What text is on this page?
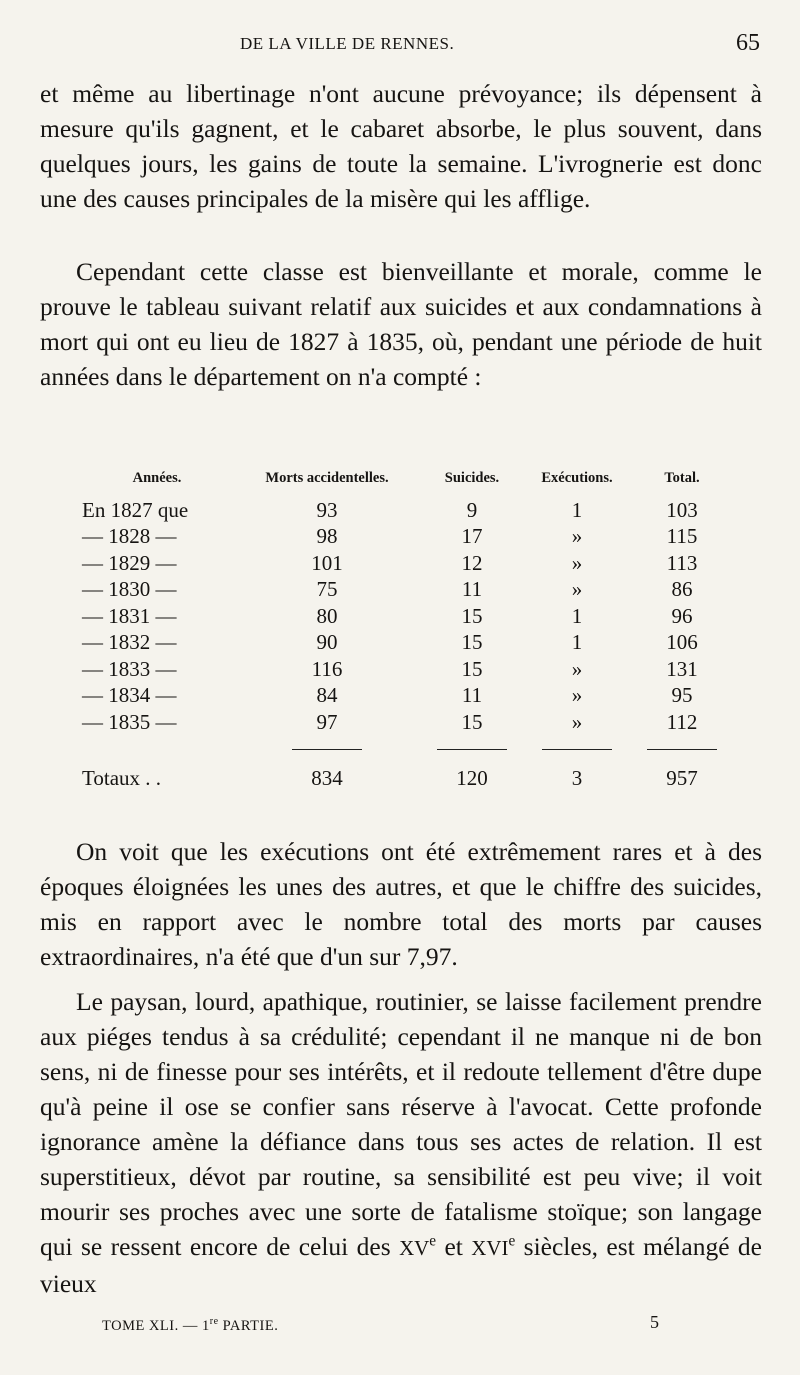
DE LA VILLE DE RENNES.	65

et même au libertinage n'ont aucune prévoyance; ils dépensent à mesure qu'ils gagnent, et le cabaret absorbe, le plus souvent, dans quelques jours, les gains de toute la semaine. L'ivrognerie est donc une des causes principales de la misère qui les afflige.

Cependant cette classe est bienveillante et morale, comme le prouve le tableau suivant relatif aux suicides et aux condamnations à mort qui ont eu lieu de 1827 à 1835, où, pendant une période de huit années dans le département on n'a compté :

Années.	Morts accidentelles.	Suicides.	Exécutions.	Total.
En 1827 que	93	9	1	103
— 1828 —	98	17	»	115
— 1829 —	101	12	»	113
— 1830 —	75	11	»	86
— 1831 —	80	15	1	96
— 1832 —	90	15	1	106
— 1833 —	116	15	»	131
— 1834 —	84	11	»	95
— 1835 —	97	15	»	112

Totaux . .	834	120	3	957

On voit que les exécutions ont été extrêmement rares et à des époques éloignées les unes des autres, et que le chiffre des suicides, mis en rapport avec le nombre total des morts par causes extraordinaires, n'a été que d'un sur 7,97.

Le paysan, lourd, apathique, routinier, se laisse facilement prendre aux piéges tendus à sa crédulité; cependant il ne manque ni de bon sens, ni de finesse pour ses intérêts, et il redoute tellement d'être dupe qu'à peine il ose se confier sans réserve à l'avocat. Cette profonde ignorance amène la défiance dans tous ses actes de relation. Il est superstitieux, dévot par routine, sa sensibilité est peu vive; il voit mourir ses proches avec une sorte de fatalisme stoïque; son langage qui se ressent encore de celui des XVe et XVIe siècles, est mélangé de vieux

TOME XLI. — 1re PARTIE.	5
